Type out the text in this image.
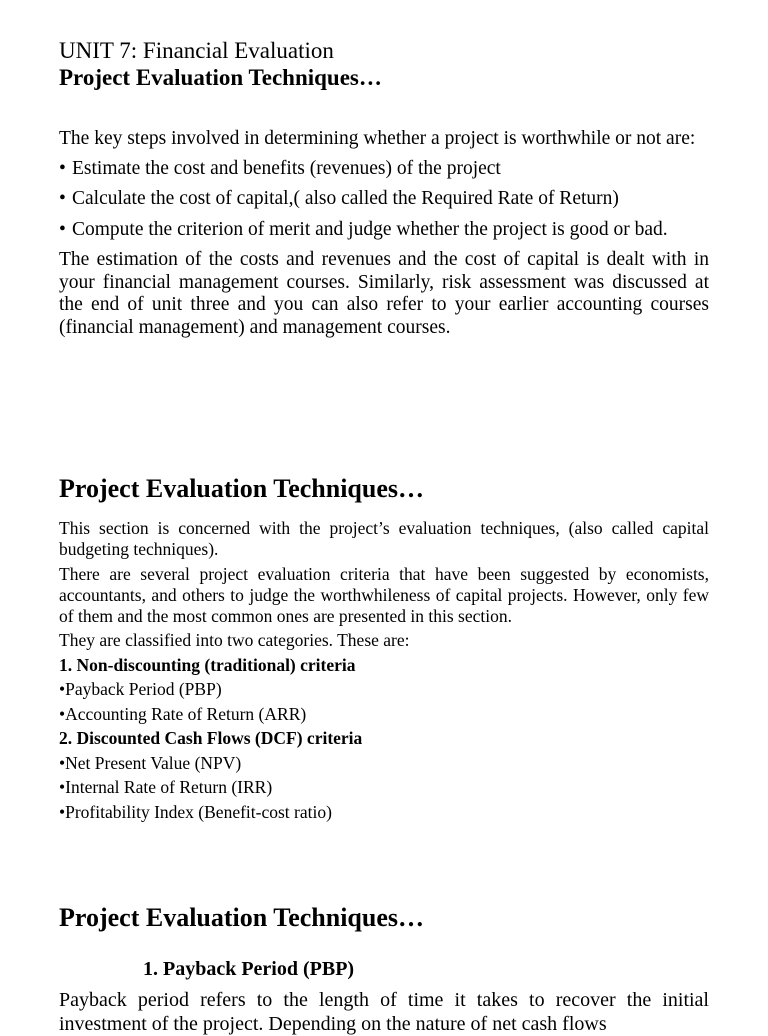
UNIT 7: Financial Evaluation
Project Evaluation Techniques…

The key steps involved in determining whether a project is worthwhile or not are:

• Estimate the cost and benefits (revenues) of the project
• Calculate the cost of capital,( also called the Required Rate of Return)
• Compute the criterion of merit and judge whether the project is good or bad.

The estimation of the costs and revenues and the cost of capital is dealt with in your financial management courses. Similarly, risk assessment was discussed at the end of unit three and you can also refer to your earlier accounting courses (financial management) and management courses.

Project Evaluation Techniques…

This section is concerned with the project’s evaluation techniques, (also called capital budgeting techniques).

There are several project evaluation criteria that have been suggested by economists, accountants, and others to judge the worthwhileness of capital projects. However, only few of them and the most common ones are presented in this section.

They are classified into two categories. These are:
1. Non-discounting (traditional) criteria
•Payback Period (PBP)
•Accounting Rate of Return (ARR)
2. Discounted Cash Flows (DCF) criteria
•Net Present Value (NPV)
•Internal Rate of Return (IRR)
•Profitability Index (Benefit-cost ratio)
Project Evaluation Techniques…
1. Payback Period (PBP)
Payback period refers to the length of time it takes to recover the initial investment of the project. Depending on the nature of net cash flows
